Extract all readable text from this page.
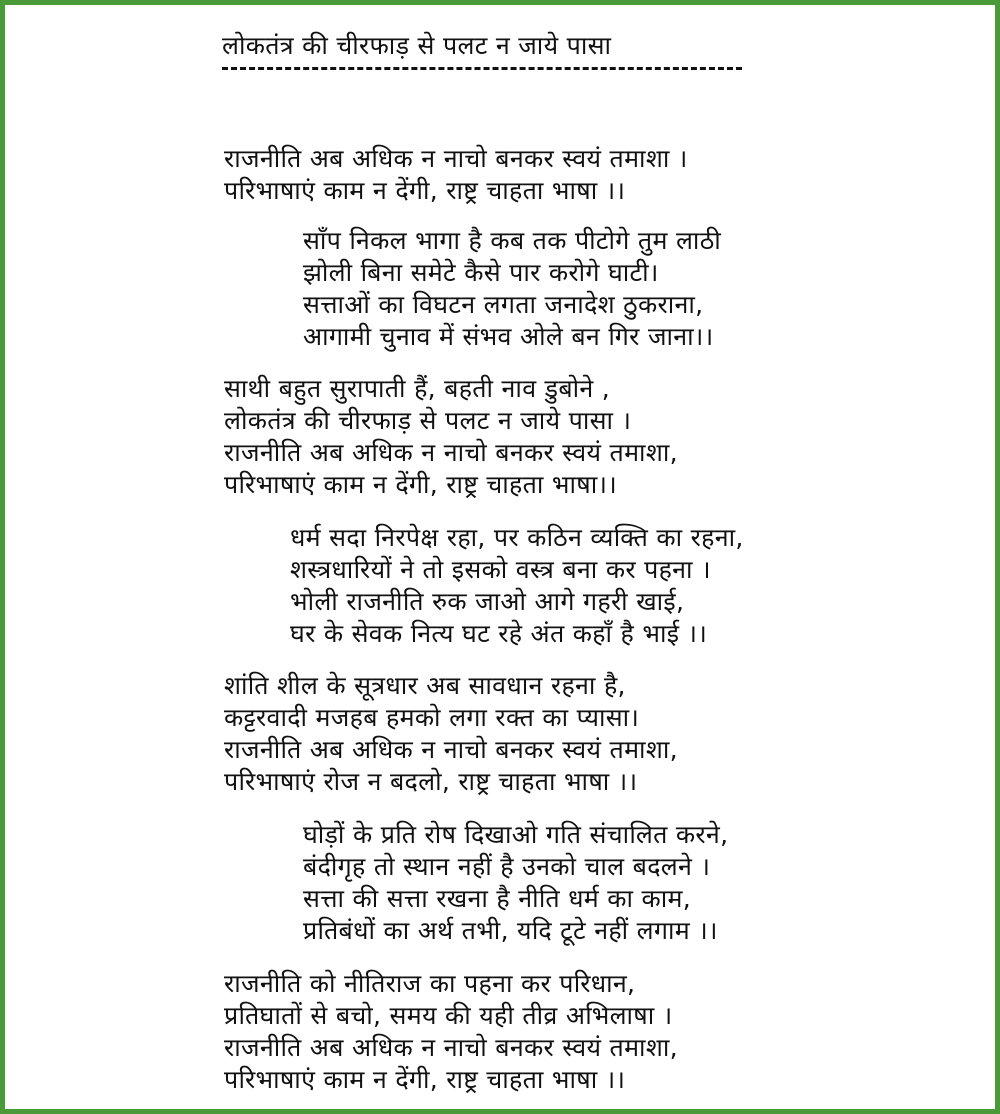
लोकतंत्र की चीरफाड़ से पलट न जाये पासा
राजनीति अब अधिक न नाचो बनकर स्वयं तमाशा ।
परिभाषाएं काम न देंगी, राष्ट्र चाहता भाषा ।।
साँप निकल भागा है कब तक पीटोगे तुम लाठी
झोली बिना समेटे कैसे पार करोगे घाटी।
सत्ताओं का विघटन लगता जनादेश ठुकराना,
आगामी चुनाव में संभव ओले बन गिर जाना।।
साथी बहुत सुरापाती हैं, बहती नाव डुबोने ,
लोकतंत्र की चीरफाड़ से पलट न जाये पासा ।
राजनीति अब अधिक न नाचो बनकर स्वयं तमाशा,
परिभाषाएं काम न देंगी, राष्ट्र चाहता भाषा।।
धर्म सदा निरपेक्ष रहा, पर कठिन व्यक्ति का रहना,
शस्त्रधारियों ने तो इसको वस्त्र बना कर पहना ।
भोली राजनीति रुक जाओ आगे गहरी खाई,
घर के सेवक नित्य घट रहे अंत कहाँ है भाई ।।
शांति शील के सूत्रधार अब सावधान रहना है,
कट्टरवादी मजहब हमको लगा रक्त का प्यासा।
राजनीति अब अधिक न नाचो बनकर स्वयं तमाशा,
परिभाषाएं रोज न बदलो, राष्ट्र चाहता भाषा ।।
घोड़ों के प्रति रोष दिखाओ गति संचालित करने,
बंदीगृह तो स्थान नहीं है उनको चाल बदलने ।
सत्ता की सत्ता रखना है नीति धर्म का काम,
प्रतिबंधों का अर्थ तभी, यदि टूटे नहीं लगाम ।।
राजनीति को नीतिराज का पहना कर परिधान,
प्रतिघातों से बचो, समय की यही तीव्र अभिलाषा ।
राजनीति अब अधिक न नाचो बनकर स्वयं तमाशा,
परिभाषाएं काम न देंगी, राष्ट्र चाहता भाषा ।।
